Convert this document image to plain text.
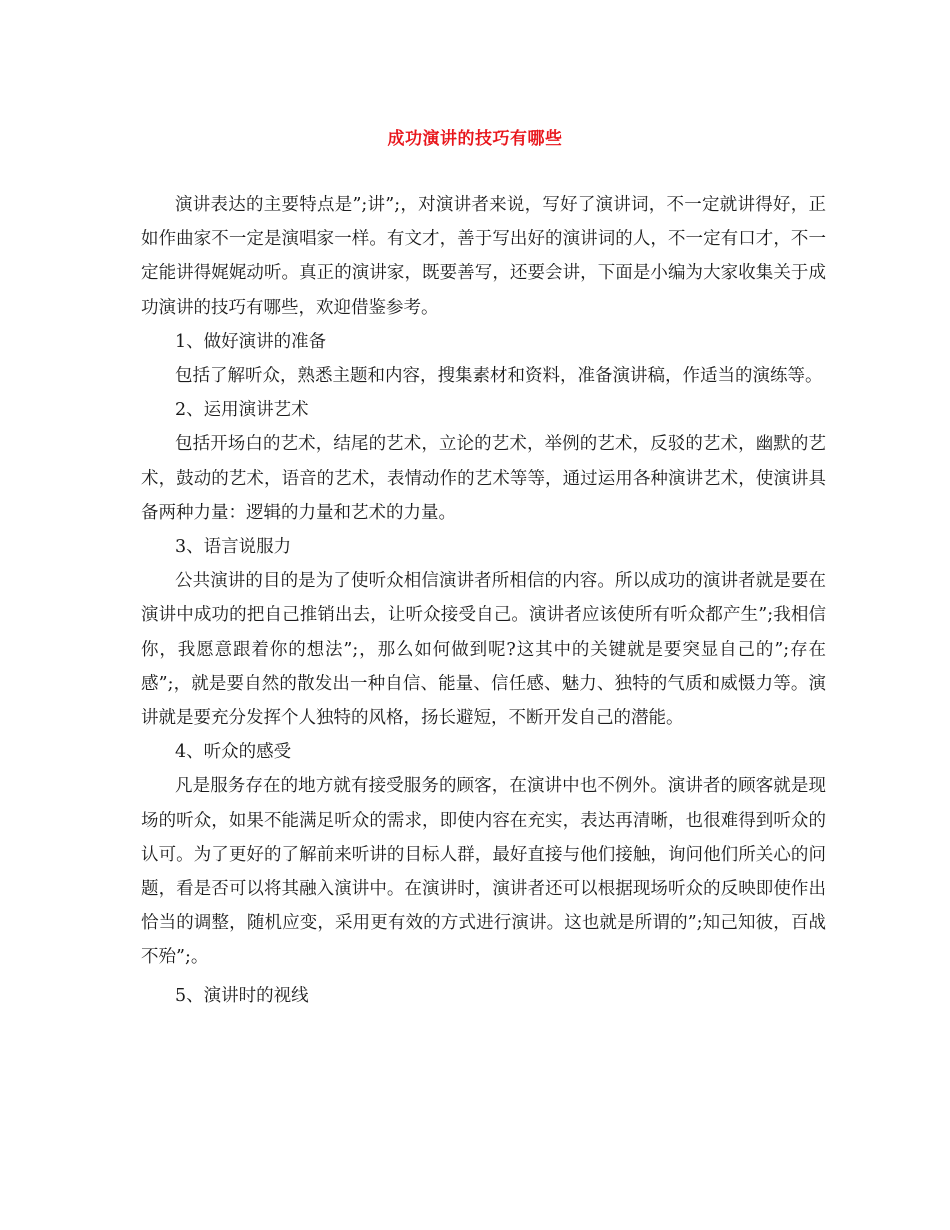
成功演讲的技巧有哪些

演讲表达的主要特点是”;讲”;，对演讲者来说，写好了演讲词，不一定就讲得好，正如作曲家不一定是演唱家一样。有文才，善于写出好的演讲词的人，不一定有口才，不一定能讲得娓娓动听。真正的演讲家，既要善写，还要会讲，下面是小编为大家收集关于成功演讲的技巧有哪些，欢迎借鉴参考。

1、做好演讲的准备

包括了解听众，熟悉主题和内容，搜集素材和资料，准备演讲稿，作适当的演练等。

2、运用演讲艺术

包括开场白的艺术，结尾的艺术，立论的艺术，举例的艺术，反驳的艺术，幽默的艺术，鼓动的艺术，语音的艺术，表情动作的艺术等等，通过运用各种演讲艺术，使演讲具备两种力量：逻辑的力量和艺术的力量。

3、语言说服力

公共演讲的目的是为了使听众相信演讲者所相信的内容。所以成功的演讲者就是要在演讲中成功的把自己推销出去，让听众接受自己。演讲者应该使所有听众都产生”;我相信你，我愿意跟着你的想法”;，那么如何做到呢?这其中的关键就是要突显自己的”;存在感”;，就是要自然的散发出一种自信、能量、信任感、魅力、独特的气质和威慑力等。演讲就是要充分发挥个人独特的风格，扬长避短，不断开发自己的潜能。

4、听众的感受

凡是服务存在的地方就有接受服务的顾客，在演讲中也不例外。演讲者的顾客就是现场的听众，如果不能满足听众的需求，即使内容在充实，表达再清晰，也很难得到听众的认可。为了更好的了解前来听讲的目标人群，最好直接与他们接触，询问他们所关心的问题，看是否可以将其融入演讲中。在演讲时，演讲者还可以根据现场听众的反映即使作出恰当的调整，随机应变，采用更有效的方式进行演讲。这也就是所谓的”;知己知彼，百战不殆”;。

5、演讲时的视线
